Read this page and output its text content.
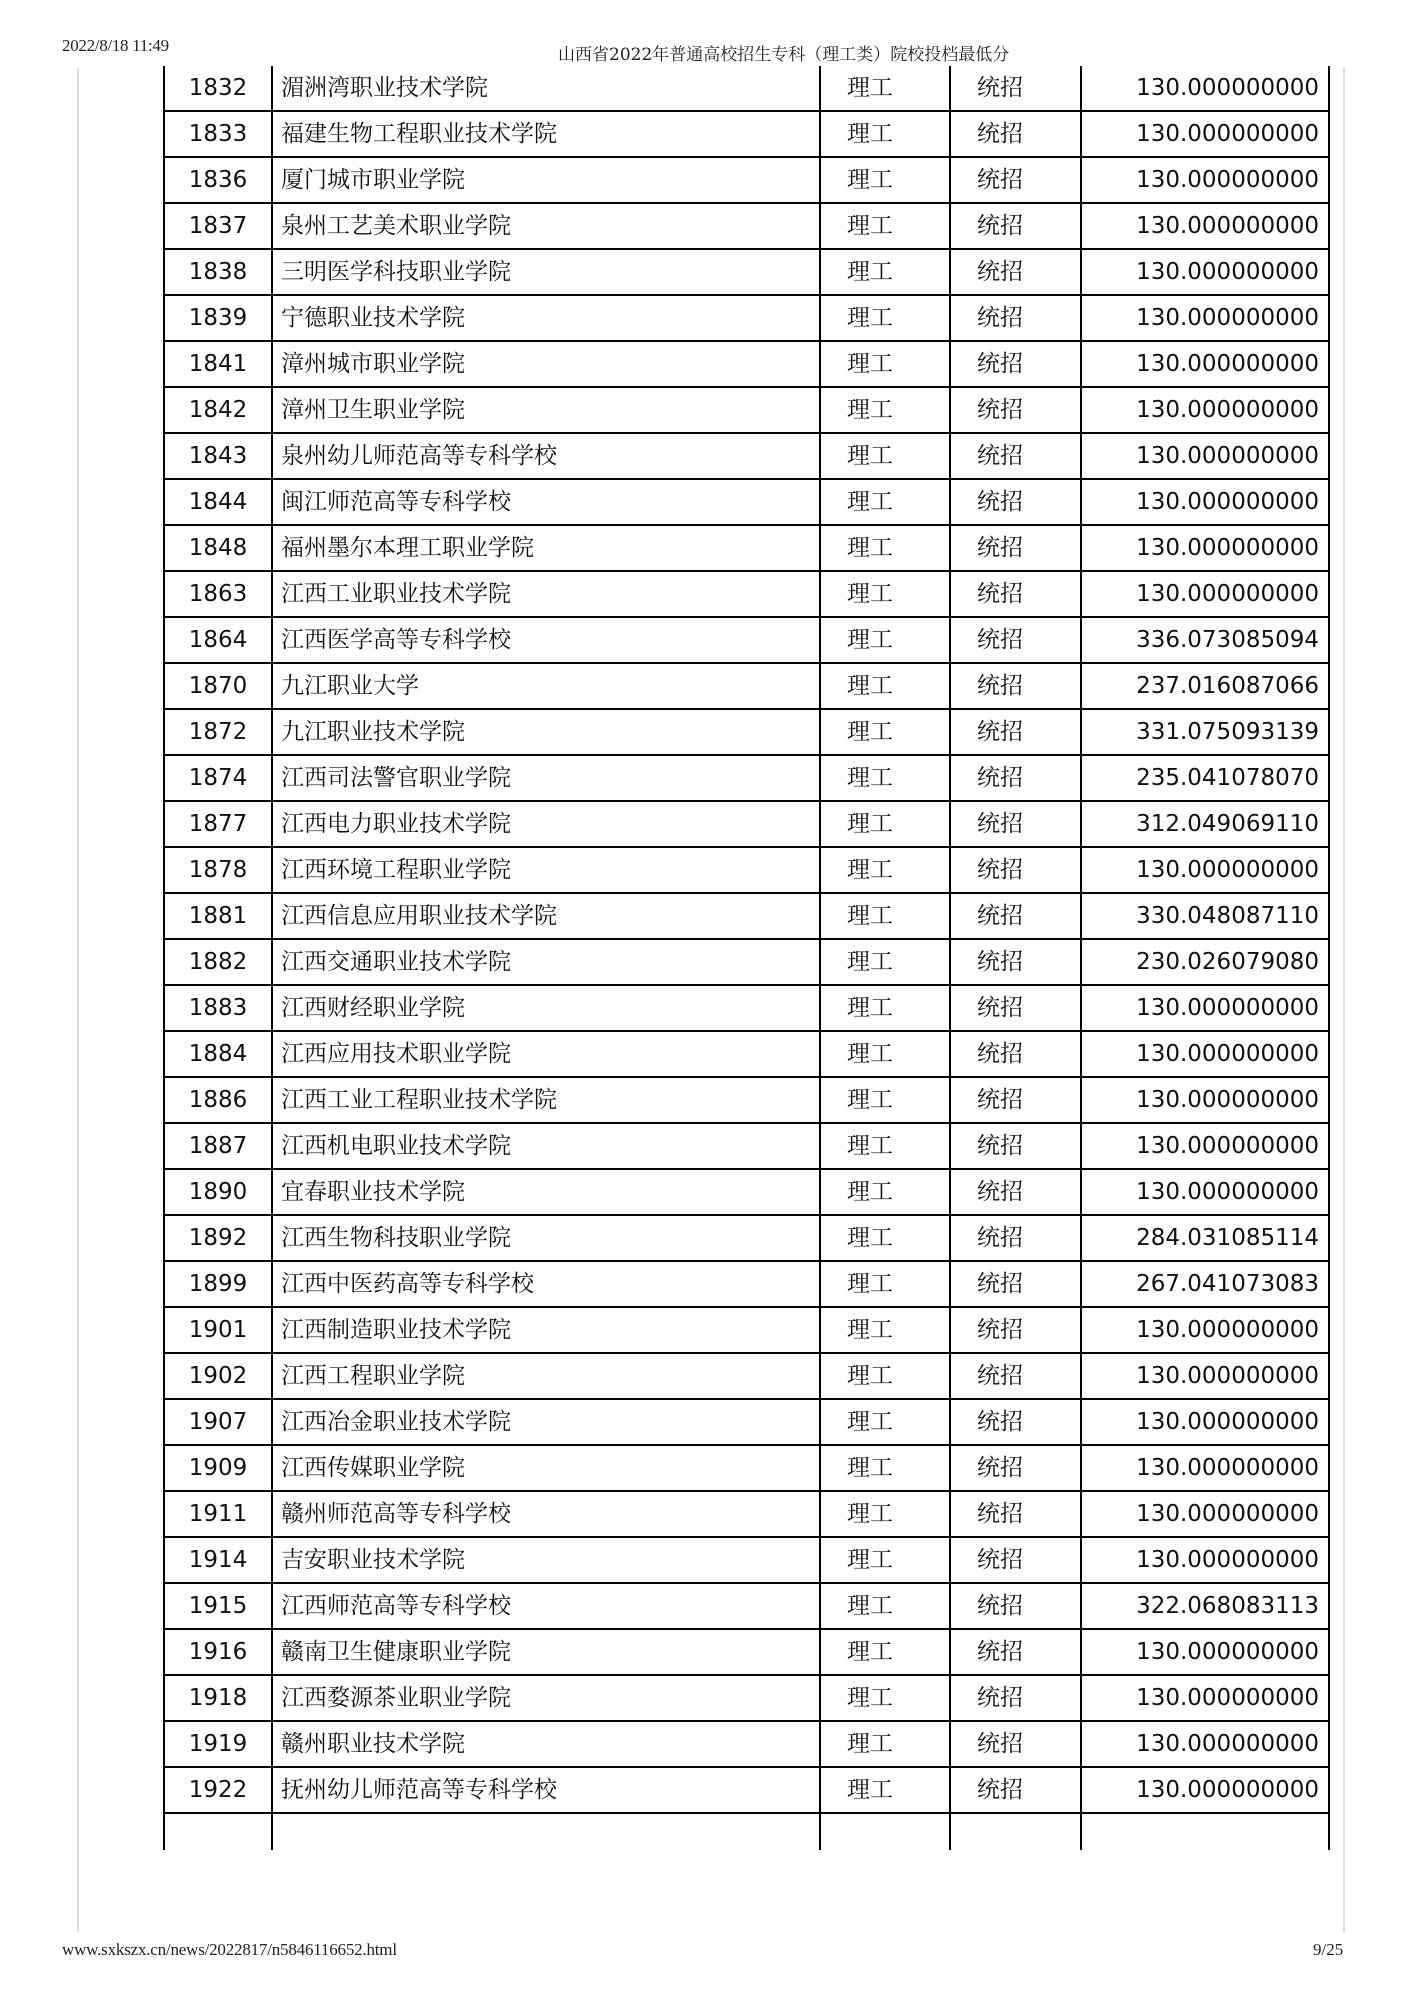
2022/8/18 11:49	山西省2022年普通高校招生专科（理工类）院校投档最低分
1832	湄洲湾职业技术学院	理工	统招	130.000000000
1833	福建生物工程职业技术学院	理工	统招	130.000000000
1836	厦门城市职业学院	理工	统招	130.000000000
1837	泉州工艺美术职业学院	理工	统招	130.000000000
1838	三明医学科技职业学院	理工	统招	130.000000000
1839	宁德职业技术学院	理工	统招	130.000000000
1841	漳州城市职业学院	理工	统招	130.000000000
1842	漳州卫生职业学院	理工	统招	130.000000000
1843	泉州幼儿师范高等专科学校	理工	统招	130.000000000
1844	闽江师范高等专科学校	理工	统招	130.000000000
1848	福州墨尔本理工职业学院	理工	统招	130.000000000
1863	江西工业职业技术学院	理工	统招	130.000000000
1864	江西医学高等专科学校	理工	统招	336.073085094
1870	九江职业大学	理工	统招	237.016087066
1872	九江职业技术学院	理工	统招	331.075093139
1874	江西司法警官职业学院	理工	统招	235.041078070
1877	江西电力职业技术学院	理工	统招	312.049069110
1878	江西环境工程职业学院	理工	统招	130.000000000
1881	江西信息应用职业技术学院	理工	统招	330.048087110
1882	江西交通职业技术学院	理工	统招	230.026079080
1883	江西财经职业学院	理工	统招	130.000000000
1884	江西应用技术职业学院	理工	统招	130.000000000
1886	江西工业工程职业技术学院	理工	统招	130.000000000
1887	江西机电职业技术学院	理工	统招	130.000000000
1890	宜春职业技术学院	理工	统招	130.000000000
1892	江西生物科技职业学院	理工	统招	284.031085114
1899	江西中医药高等专科学校	理工	统招	267.041073083
1901	江西制造职业技术学院	理工	统招	130.000000000
1902	江西工程职业学院	理工	统招	130.000000000
1907	江西冶金职业技术学院	理工	统招	130.000000000
1909	江西传媒职业学院	理工	统招	130.000000000
1911	赣州师范高等专科学校	理工	统招	130.000000000
1914	吉安职业技术学院	理工	统招	130.000000000
1915	江西师范高等专科学校	理工	统招	322.068083113
1916	赣南卫生健康职业学院	理工	统招	130.000000000
1918	江西婺源茶业职业学院	理工	统招	130.000000000
1919	赣州职业技术学院	理工	统招	130.000000000
1922	抚州幼儿师范高等专科学校	理工	统招	130.000000000

www.sxkszx.cn/news/2022817/n5846116652.html	9/25
